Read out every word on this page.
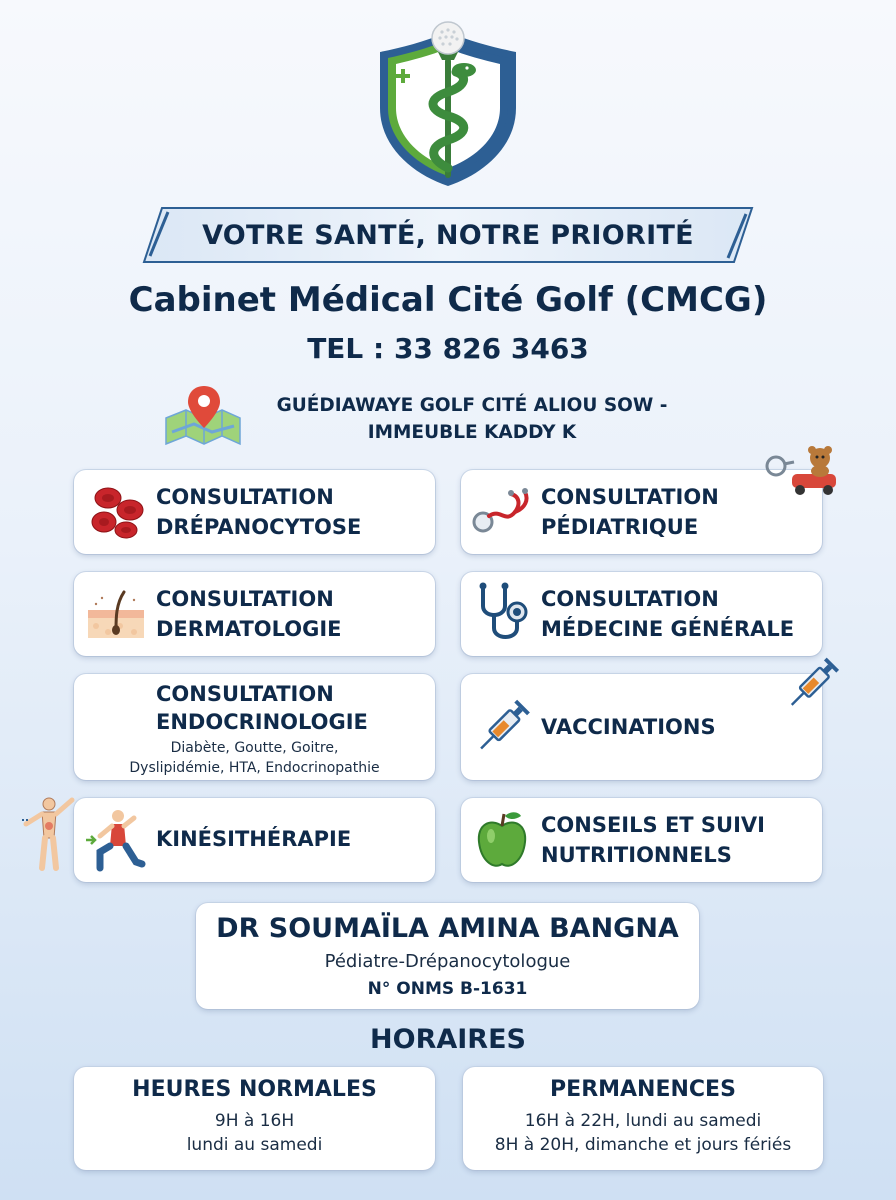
VOTRE SANTÉ, NOTRE PRIORITÉ
Cabinet Médical Cité Golf (CMCG)
TEL : 33 826 3463
GUÉDIAWAYE GOLF CITÉ ALIOU SOW -
IMMEUBLE KADDY K
CONSULTATION
DRÉPANOCYTOSE
CONSULTATION
PÉDIATRIQUE
CONSULTATION
DERMATOLOGIE
CONSULTATION
MÉDECINE GÉNÉRALE
CONSULTATION
ENDOCRINOLOGIE
Diabète, Goutte, Goitre,
Dyslipidémie, HTA, Endocrinopathie
VACCINATIONS
KINÉSITHÉRAPIE
CONSEILS ET SUIVI
NUTRITIONNELS
DR SOUMAÏLA AMINA BANGNA
Pédiatre-Drépanocytologue
N° ONMS B-1631
HORAIRES
HEURES NORMALES
9H à 16H
lundi au samedi
PERMANENCES
16H à 22H, lundi au samedi
8H à 20H, dimanche et jours fériés
